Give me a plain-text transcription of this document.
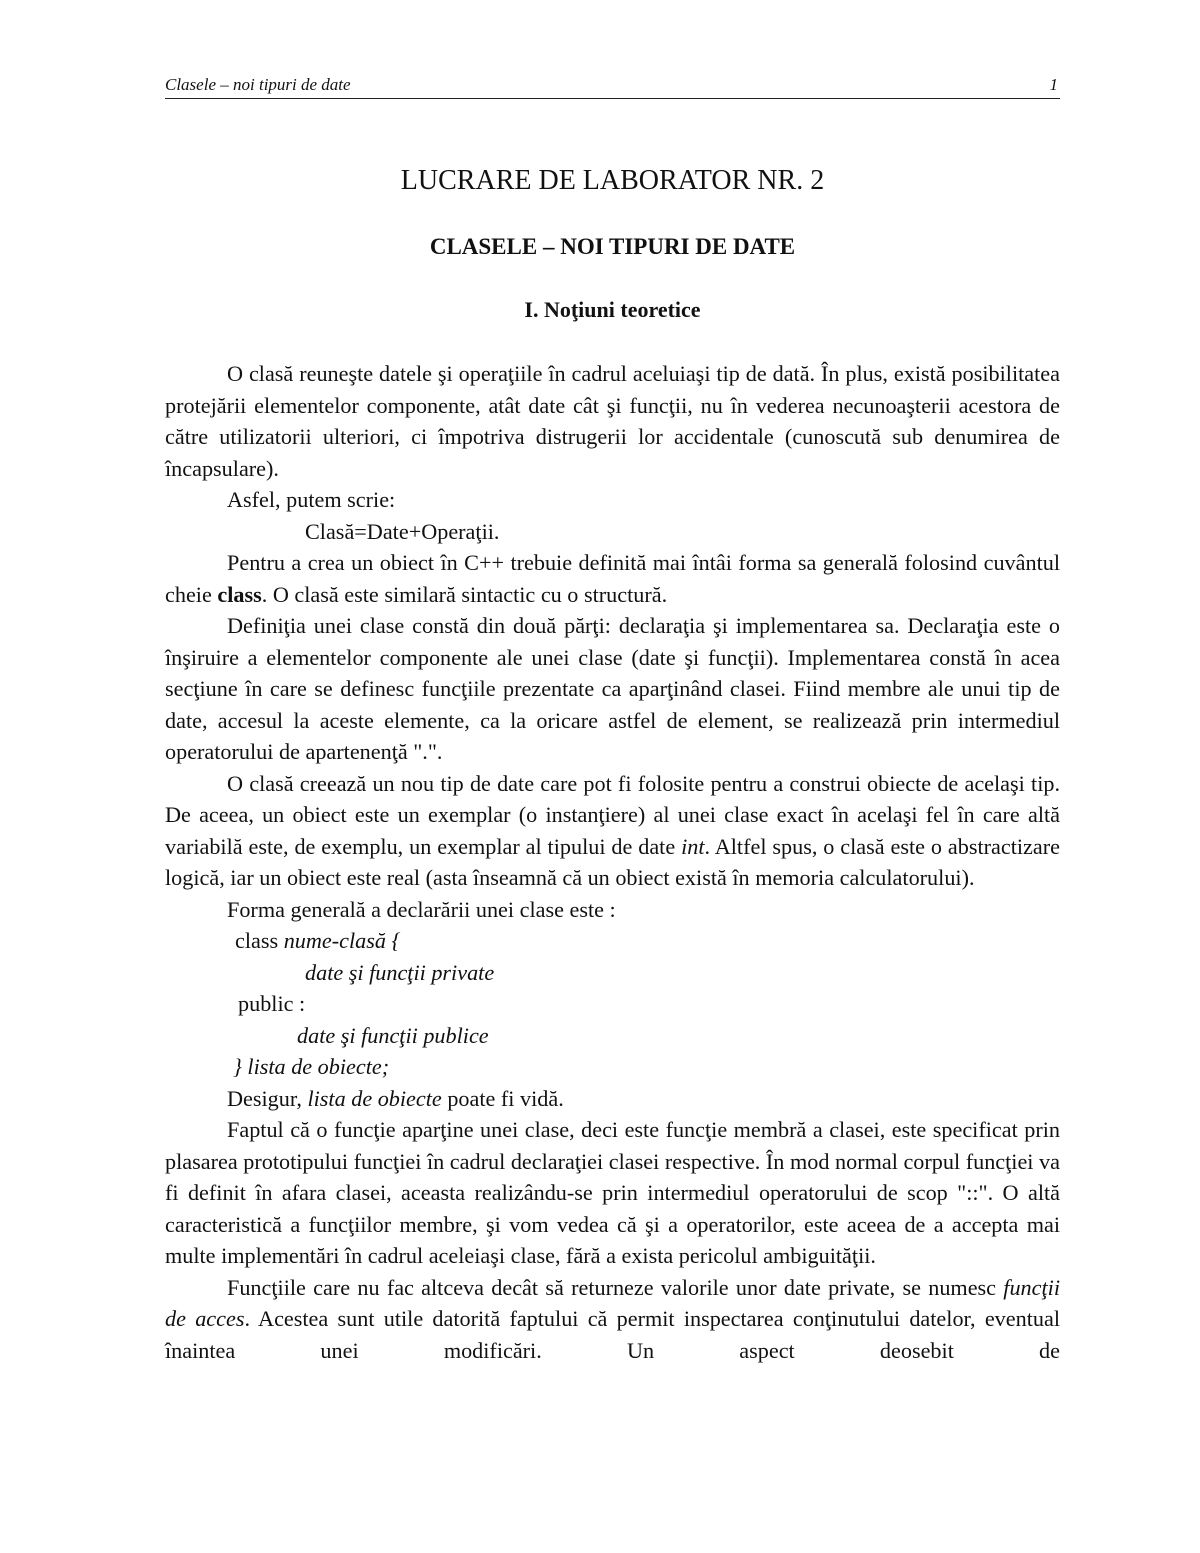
Clasele – noi tipuri de date	1
LUCRARE DE LABORATOR NR. 2
CLASELE – NOI TIPURI DE DATE
I. Noţiuni teoretice

O clasă reuneşte datele şi operaţiile în cadrul aceluiaşi tip de dată. În plus, există posibilitatea protejării elementelor componente, atât date cât şi funcţii, nu în vederea necunoaşterii acestora de către utilizatorii ulteriori, ci împotriva distrugerii lor accidentale (cunoscută sub denumirea de încapsulare).

Asfel, putem scrie:

Clasă=Date+Operaţii.

Pentru a crea un obiect în C++ trebuie definită mai întâi forma sa generală folosind cuvântul cheie class. O clasă este similară sintactic cu o structură.

Definiţia unei clase constă din două părţi: declaraţia şi implementarea sa. Declaraţia este o înşiruire a elementelor componente ale unei clase (date şi funcţii). Implementarea constă în acea secţiune în care se definesc funcţiile prezentate ca aparţinând clasei. Fiind membre ale unui tip de date, accesul la aceste elemente, ca la oricare astfel de element, se realizează prin intermediul operatorului de apartenenţă ".".

O clasă creează un nou tip de date care pot fi folosite pentru a construi obiecte de acelaşi tip. De aceea, un obiect este un exemplar (o instanţiere) al unei clase exact în acelaşi fel în care altă variabilă este, de exemplu, un exemplar al tipului de date int. Altfel spus, o clasă este o abstractizare logică, iar un obiect este real (asta înseamnă că un obiect există în memoria calculatorului).

Forma generală a declarării unei clase este :

class nume-clasă {

date şi funcţii private

public :

date şi funcţii publice

} lista de obiecte;

Desigur, lista de obiecte poate fi vidă.

Faptul că o funcţie aparţine unei clase, deci este funcţie membră a clasei, este specificat prin plasarea prototipului funcţiei în cadrul declaraţiei clasei respective. În mod normal corpul funcţiei va fi definit în afara clasei, aceasta realizându-se prin intermediul operatorului de scop "::". O altă caracteristică a funcţiilor membre, şi vom vedea că şi a operatorilor, este aceea de a accepta mai multe implementări în cadrul aceleiaşi clase, fără a exista pericolul ambiguităţii.

Funcţiile care nu fac altceva decât să returneze valorile unor date private, se numesc funcţii de acces. Acestea sunt utile datorită faptului că permit inspectarea conţinutului datelor, eventual înaintea unei modificări. Un aspect deosebit de
